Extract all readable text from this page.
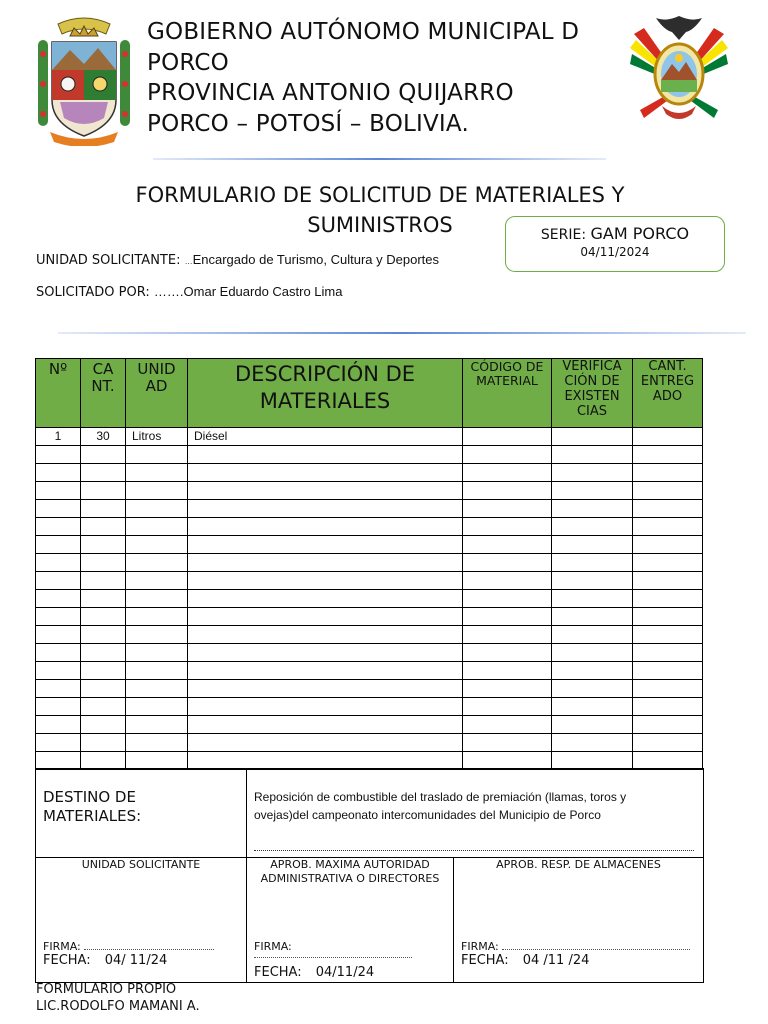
GOBIERNO AUTÓNOMO MUNICIPAL D
PORCO
PROVINCIA ANTONIO QUIJARRO
PORCO – POTOSÍ – BOLIVIA.
FORMULARIO DE SOLICITUD DE MATERIALES Y
SUMINISTROS	SERIE: GAM PORCO
04/11/2024
UNIDAD SOLICITANTE: …Encargado de Turismo, Cultura y Deportes
SOLICITADO POR: …….Omar Eduardo Castro Lima
Nº	CA NT.	UNID AD	DESCRIPCIÓN DE MATERIALES	CÓDIGO DE MATERIAL	VERIFICA CIÓN DE EXISTEN CIAS	CANT. ENTREG ADO
1	30	Litros	Diésel			

DESTINO DE
MATERIALES:
Reposición de combustible del traslado de premiación (llamas, toros y
ovejas)del campeonato intercomunidades del Municipio de Porco
UNIDAD SOLICITANTE
FIRMA:
FECHA: 04/ 11/24
APROB. MAXIMA AUTORIDAD
ADMINISTRATIVA O DIRECTORES
FIRMA:
FECHA: 04/11/24
APROB. RESP. DE ALMACENES
FIRMA:
FECHA: 04 /11 /24
FORMULARIO PROPIO
LIC.RODOLFO MAMANI A.
